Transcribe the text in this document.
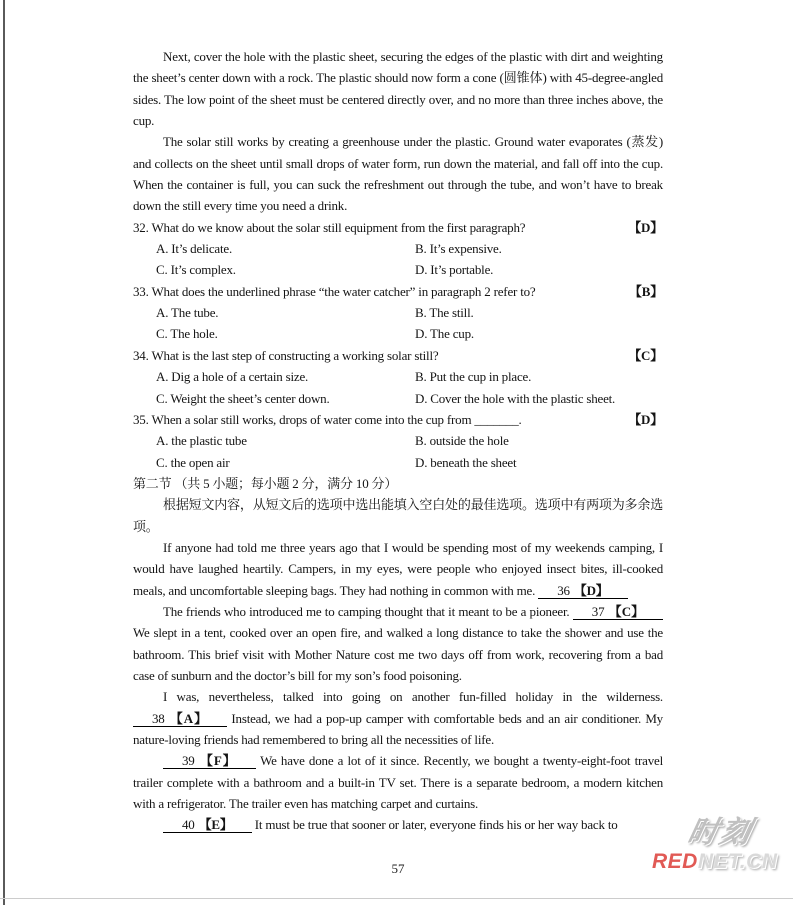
Next, cover the hole with the plastic sheet, securing the edges of the plastic with dirt and weighting the sheet’s center down with a rock. The plastic should now form a cone (圆锥体) with 45-degree-angled sides. The low point of the sheet must be centered directly over, and no more than three inches above, the cup.

The solar still works by creating a greenhouse under the plastic. Ground water evaporates (蒸发) and collects on the sheet until small drops of water form, run down the material, and fall off into the cup. When the container is full, you can suck the refreshment out through the tube, and won’t have to break down the still every time you need a drink.

32. What do we know about the solar still equipment from the first paragraph?	【D】
A. It’s delicate.	B. It’s expensive.
C. It’s complex.	D. It’s portable.
33. What does the underlined phrase “the water catcher” in paragraph 2 refer to?	【B】
A. The tube.	B. The still.
C. The hole.	D. The cup.
34. What is the last step of constructing a working solar still?	【C】
A. Dig a hole of a certain size.	B. Put the cup in place.
C. Weight the sheet’s center down.	D. Cover the hole with the plastic sheet.
35. When a solar still works, drops of water come into the cup from _______.	【D】
A. the plastic tube	B. outside the hole
C. the open air	D. beneath the sheet
第二节 （共 5 小题；每小题 2 分，满分 10 分）

根据短文内容，从短文后的选项中选出能填入空白处的最佳选项。选项中有两项为多余选项。

If anyone had told me three years ago that I would be spending most of my weekends camping, I would have laughed heartily. Campers, in my eyes, were people who enjoyed insect bites, ill-cooked meals, and uncomfortable sleeping bags. They had nothing in common with me. 36 【D】

The friends who introduced me to camping thought that it meant to be a pioneer. 37 【C】 We slept in a tent, cooked over an open fire, and walked a long distance to take the shower and use the bathroom. This brief visit with Mother Nature cost me two days off from work, recovering from a bad case of sunburn and the doctor’s bill for my son’s food poisoning.

I was, nevertheless, talked into going on another fun-filled holiday in the wilderness. 38 【A】 Instead, we had a pop-up camper with comfortable beds and an air conditioner. My nature-loving friends had remembered to bring all the necessities of life.

39 【F】 We have done a lot of it since. Recently, we bought a twenty-eight-foot travel trailer complete with a bathroom and a built-in TV set. There is a separate bedroom, a modern kitchen with a refrigerator. The trailer even has matching carpet and curtains.

40 【E】 It must be true that sooner or later, everyone finds his or her way back to

57
时刻
REDNET.CN
